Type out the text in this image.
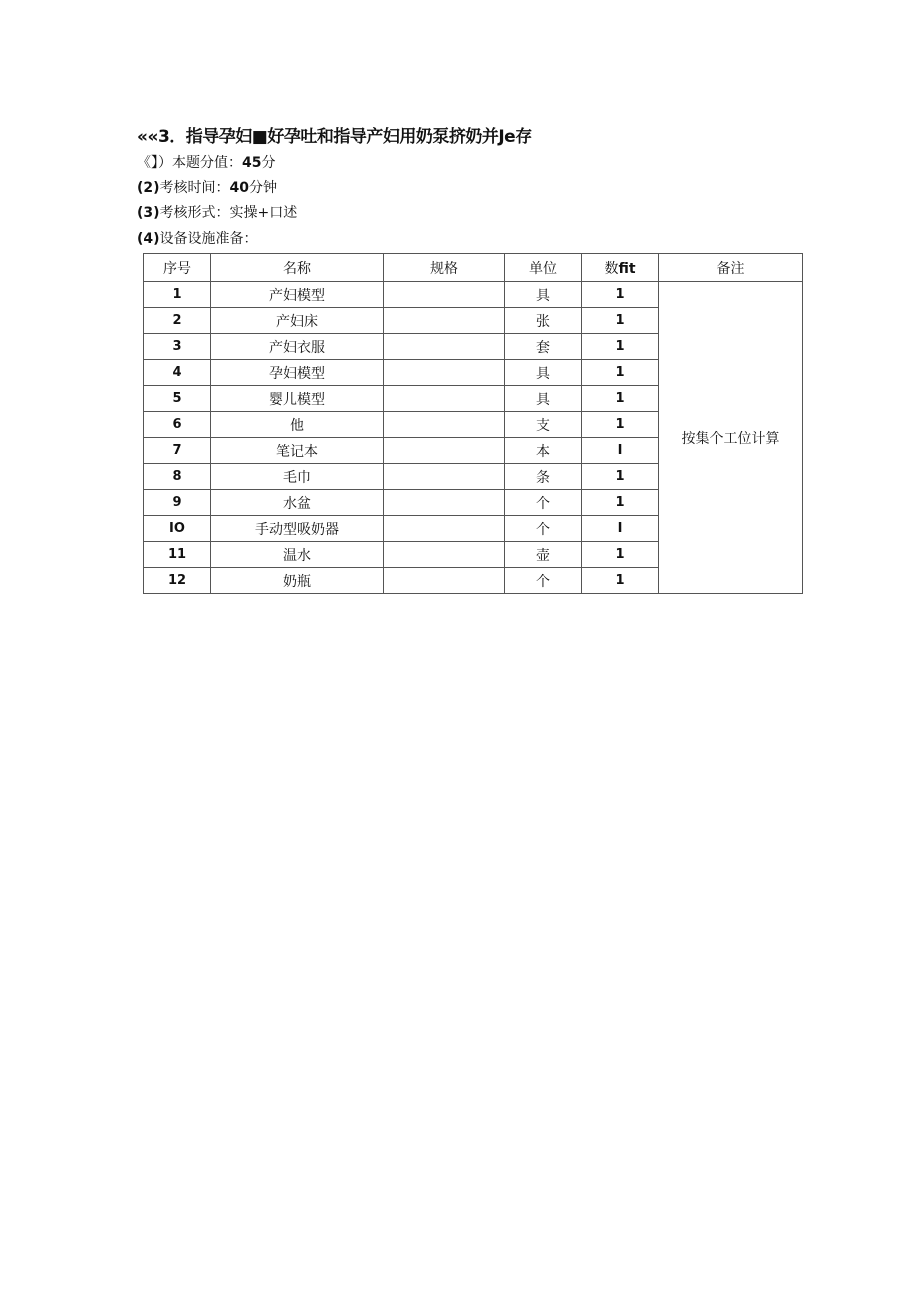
««3．指导孕妇■好孕吐和指导产妇用奶泵挤奶并Je存
《】）本题分值：45分
(2)考核时间：40分钟
(3)考核形式：实操+口述
(4)设备设施准备：
序号	名称	规格	单位	数fit	备注
1	产妇模型		具	1	按集个工位计算
2	产妇床		张	1	
3	产妇衣服		套	1	
4	孕妇模型		具	1	
5	婴儿模型		具	1	
6	他		支	1	
7	笔记本		本	I	
8	毛巾		条	1	
9	水盆		个	1	
IO	手动型吸奶器		个	I	
11	温水		壶	1	
12	奶瓶		个	1	
